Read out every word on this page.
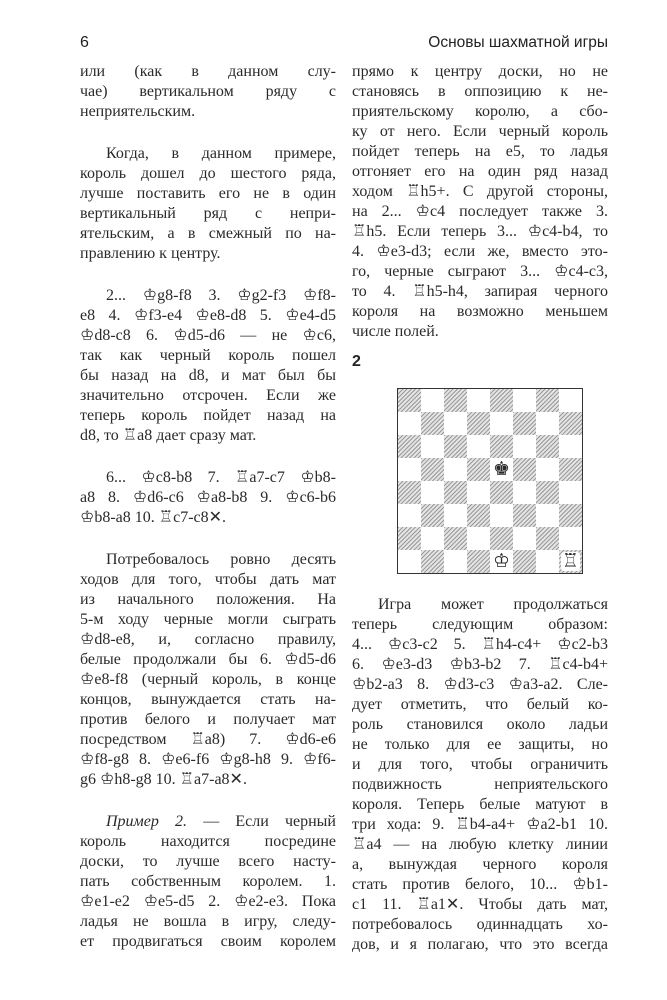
6	Основы шахматной игры
или (как в данном слу-
чае) вертикальном ряду с
неприятельским.
Когда, в данном примере,
король дошел до шестого ряда,
лучше поставить его не в один
вертикальный ряд с непри-
ятельским, а в смежный по на-
правлению к центру.
2... ♔g8-f8 3. ♔g2-f3 ♔f8-
e8 4. ♔f3-e4 ♔e8-d8 5. ♔e4-d5
♔d8-c8 6. ♔d5-d6 — не ♔c6,
так как черный король пошел
бы назад на d8, и мат был бы
значительно отсрочен. Если же
теперь король пойдет назад на
d8, то ♖a8 дает сразу мат.
6... ♔c8-b8 7. ♖a7-c7 ♔b8-
a8 8. ♔d6-c6 ♔a8-b8 9. ♔c6-b6
♔b8-a8 10. ♖c7-c8✕.
Потребовалось ровно десять
ходов для того, чтобы дать мат
из начального положения. На
5-м ходу черные могли сыграть
♔d8-e8, и, согласно правилу,
белые продолжали бы 6. ♔d5-d6
♔e8-f8 (черный король, в конце
концов, вынуждается стать на-
против белого и получает мат
посредством ♖a8) 7. ♔d6-e6
♔f8-g8 8. ♔e6-f6 ♔g8-h8 9. ♔f6-
g6 ♔h8-g8 10. ♖a7-a8✕.
Пример 2. — Если черный
король находится посредине
доски, то лучше всего насту-
пать собственным королем. 1.
♔e1-e2 ♔e5-d5 2. ♔e2-e3. Пока
ладья не вошла в игру, следу-
ет продвигаться своим королем
прямо к центру доски, но не
становясь в оппозицию к не-
приятельскому королю, а сбо-
ку от него. Если черный король
пойдет теперь на e5, то ладья
отгоняет его на один ряд назад
ходом ♖h5+. С другой стороны,
на 2... ♔c4 последует также 3.
♖h5. Если теперь 3... ♔c4-b4, то
4. ♔e3-d3; если же, вместо это-
го, черные сыграют 3... ♔c4-c3,
то 4. ♖h5-h4, запирая черного
короля на возможно меньшем
числе полей.
2
♚
♔	♖
Игра может продолжаться
теперь следующим образом:
4... ♔c3-c2 5. ♖h4-c4+ ♔c2-b3
6. ♔e3-d3 ♔b3-b2 7. ♖c4-b4+
♔b2-a3 8. ♔d3-c3 ♔a3-a2. Сле-
дует отметить, что белый ко-
роль становился около ладьи
не только для ее защиты, но
и для того, чтобы ограничить
подвижность неприятельского
короля. Теперь белые матуют в
три хода: 9. ♖b4-a4+ ♔a2-b1 10.
♖a4 — на любую клетку линии
а, вынуждая черного короля
стать против белого, 10... ♔b1-
c1 11. ♖a1✕. Чтобы дать мат,
потребовалось одиннадцать хо-
дов, и я полагаю, что это всегда
